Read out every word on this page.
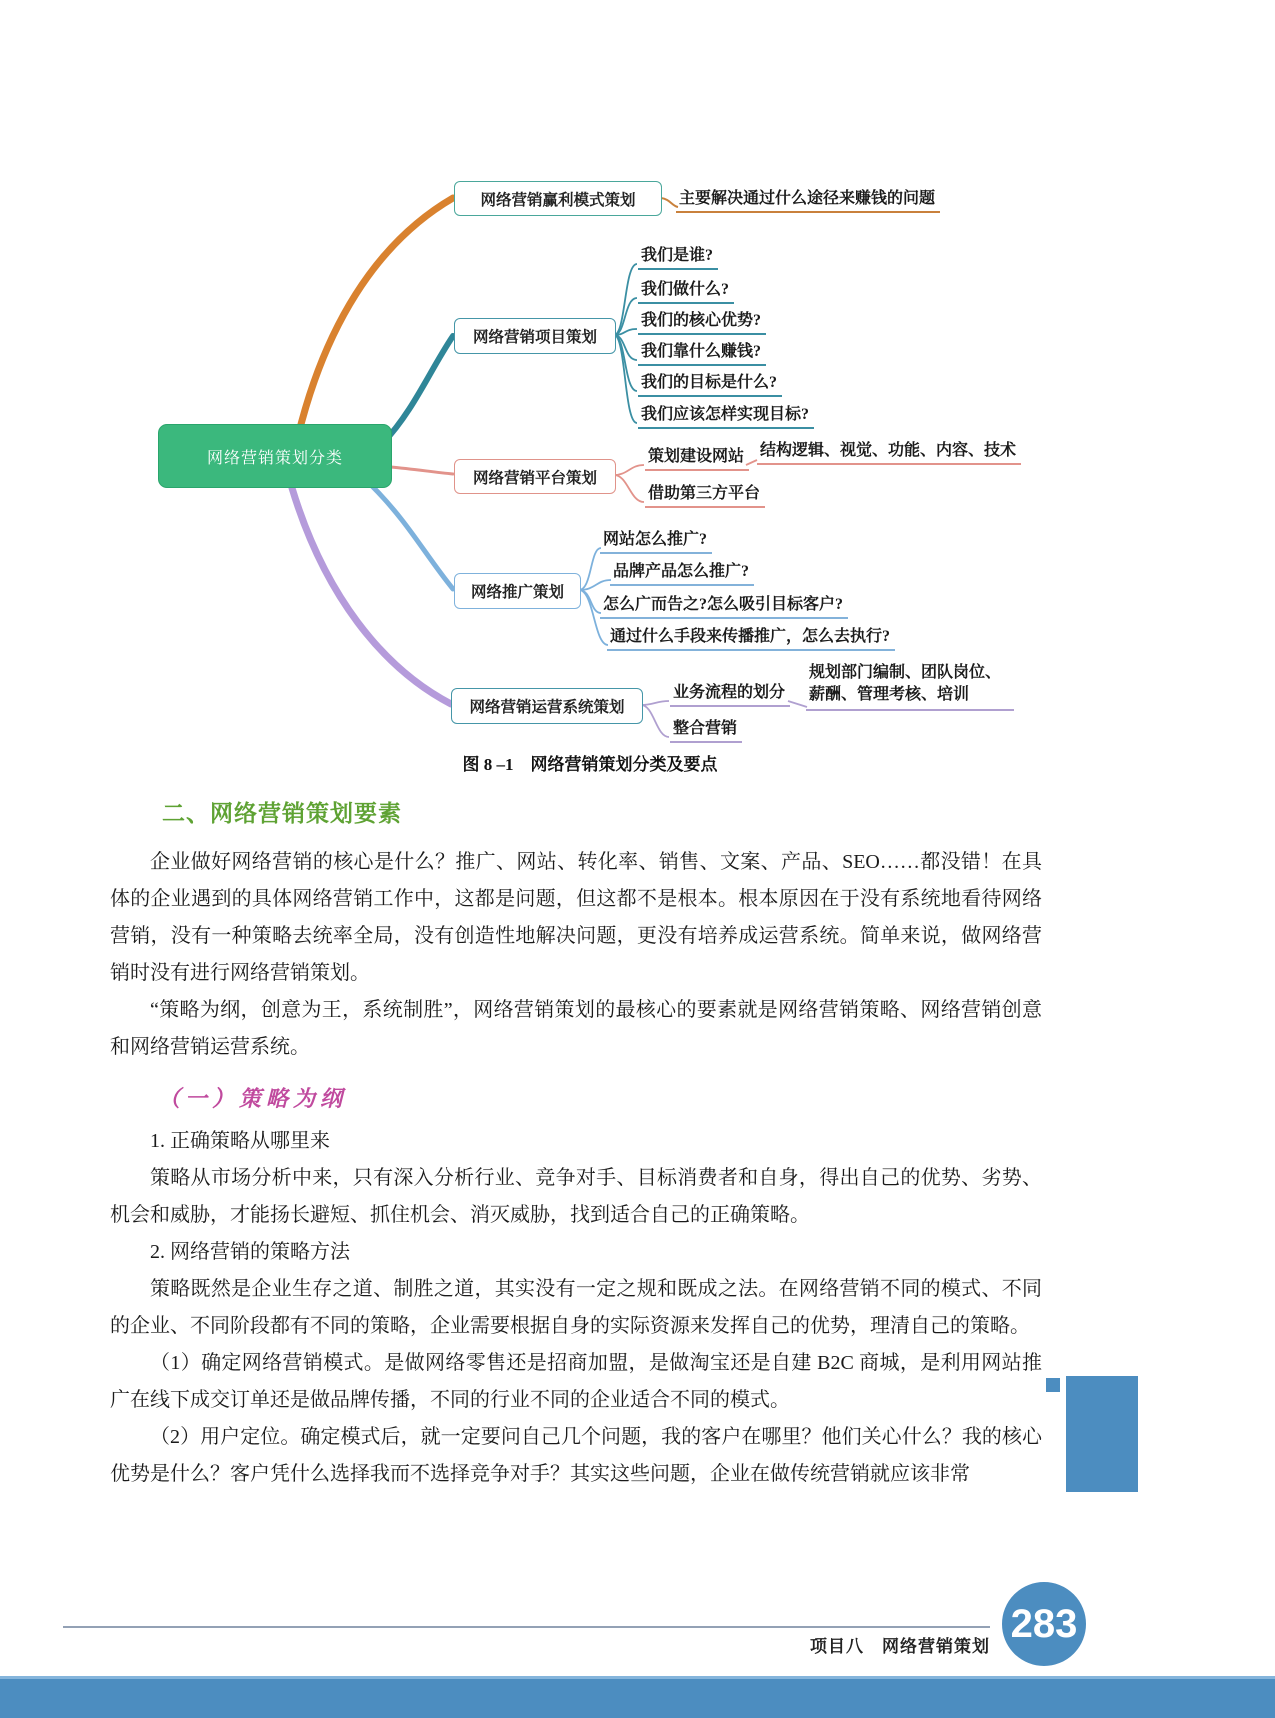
网络营销策划分类
网络营销赢利模式策划
网络营销项目策划
网络营销平台策划
网络推广策划
网络营销运营系统策划
主要解决通过什么途径来赚钱的问题
我们是谁?
我们做什么?
我们的核心优势?
我们靠什么赚钱?
我们的目标是什么?
我们应该怎样实现目标?
策划建设网站 结构逻辑、视觉、功能、内容、技术
借助第三方平台
网站怎么推广?
品牌产品怎么推广?
怎么广而告之?怎么吸引目标客户?
通过什么手段来传播推广，怎么去执行?
业务流程的划分
规划部门编制、团队岗位、薪酬、管理考核、培训
整合营销
图 8 –1　网络营销策划分类及要点
二、网络营销策划要素

企业做好网络营销的核心是什么？推广、网站、转化率、销售、文案、产品、SEO……都没错！在具体的企业遇到的具体网络营销工作中，这都是问题，但这都不是根本。根本原因在于没有系统地看待网络营销，没有一种策略去统率全局，没有创造性地解决问题，更没有培养成运营系统。简单来说，做网络营销时没有进行网络营销策划。

“策略为纲，创意为王，系统制胜”，网络营销策划的最核心的要素就是网络营销策略、网络营销创意和网络营销运营系统。

（一）策略为纲

1. 正确策略从哪里来

策略从市场分析中来，只有深入分析行业、竞争对手、目标消费者和自身，得出自己的优势、劣势、机会和威胁，才能扬长避短、抓住机会、消灭威胁，找到适合自己的正确策略。

2. 网络营销的策略方法

策略既然是企业生存之道、制胜之道，其实没有一定之规和既成之法。在网络营销不同的模式、不同的企业、不同阶段都有不同的策略，企业需要根据自身的实际资源来发挥自己的优势，理清自己的策略。

（1）确定网络营销模式。是做网络零售还是招商加盟，是做淘宝还是自建 B2C 商城，是利用网站推广在线下成交订单还是做品牌传播，不同的行业不同的企业适合不同的模式。

（2）用户定位。确定模式后，就一定要问自己几个问题，我的客户在哪里？他们关心什么？我的核心优势是什么？客户凭什么选择我而不选择竞争对手？其实这些问题，企业在做传统营销就应该非常

项目八　网络营销策划
283
